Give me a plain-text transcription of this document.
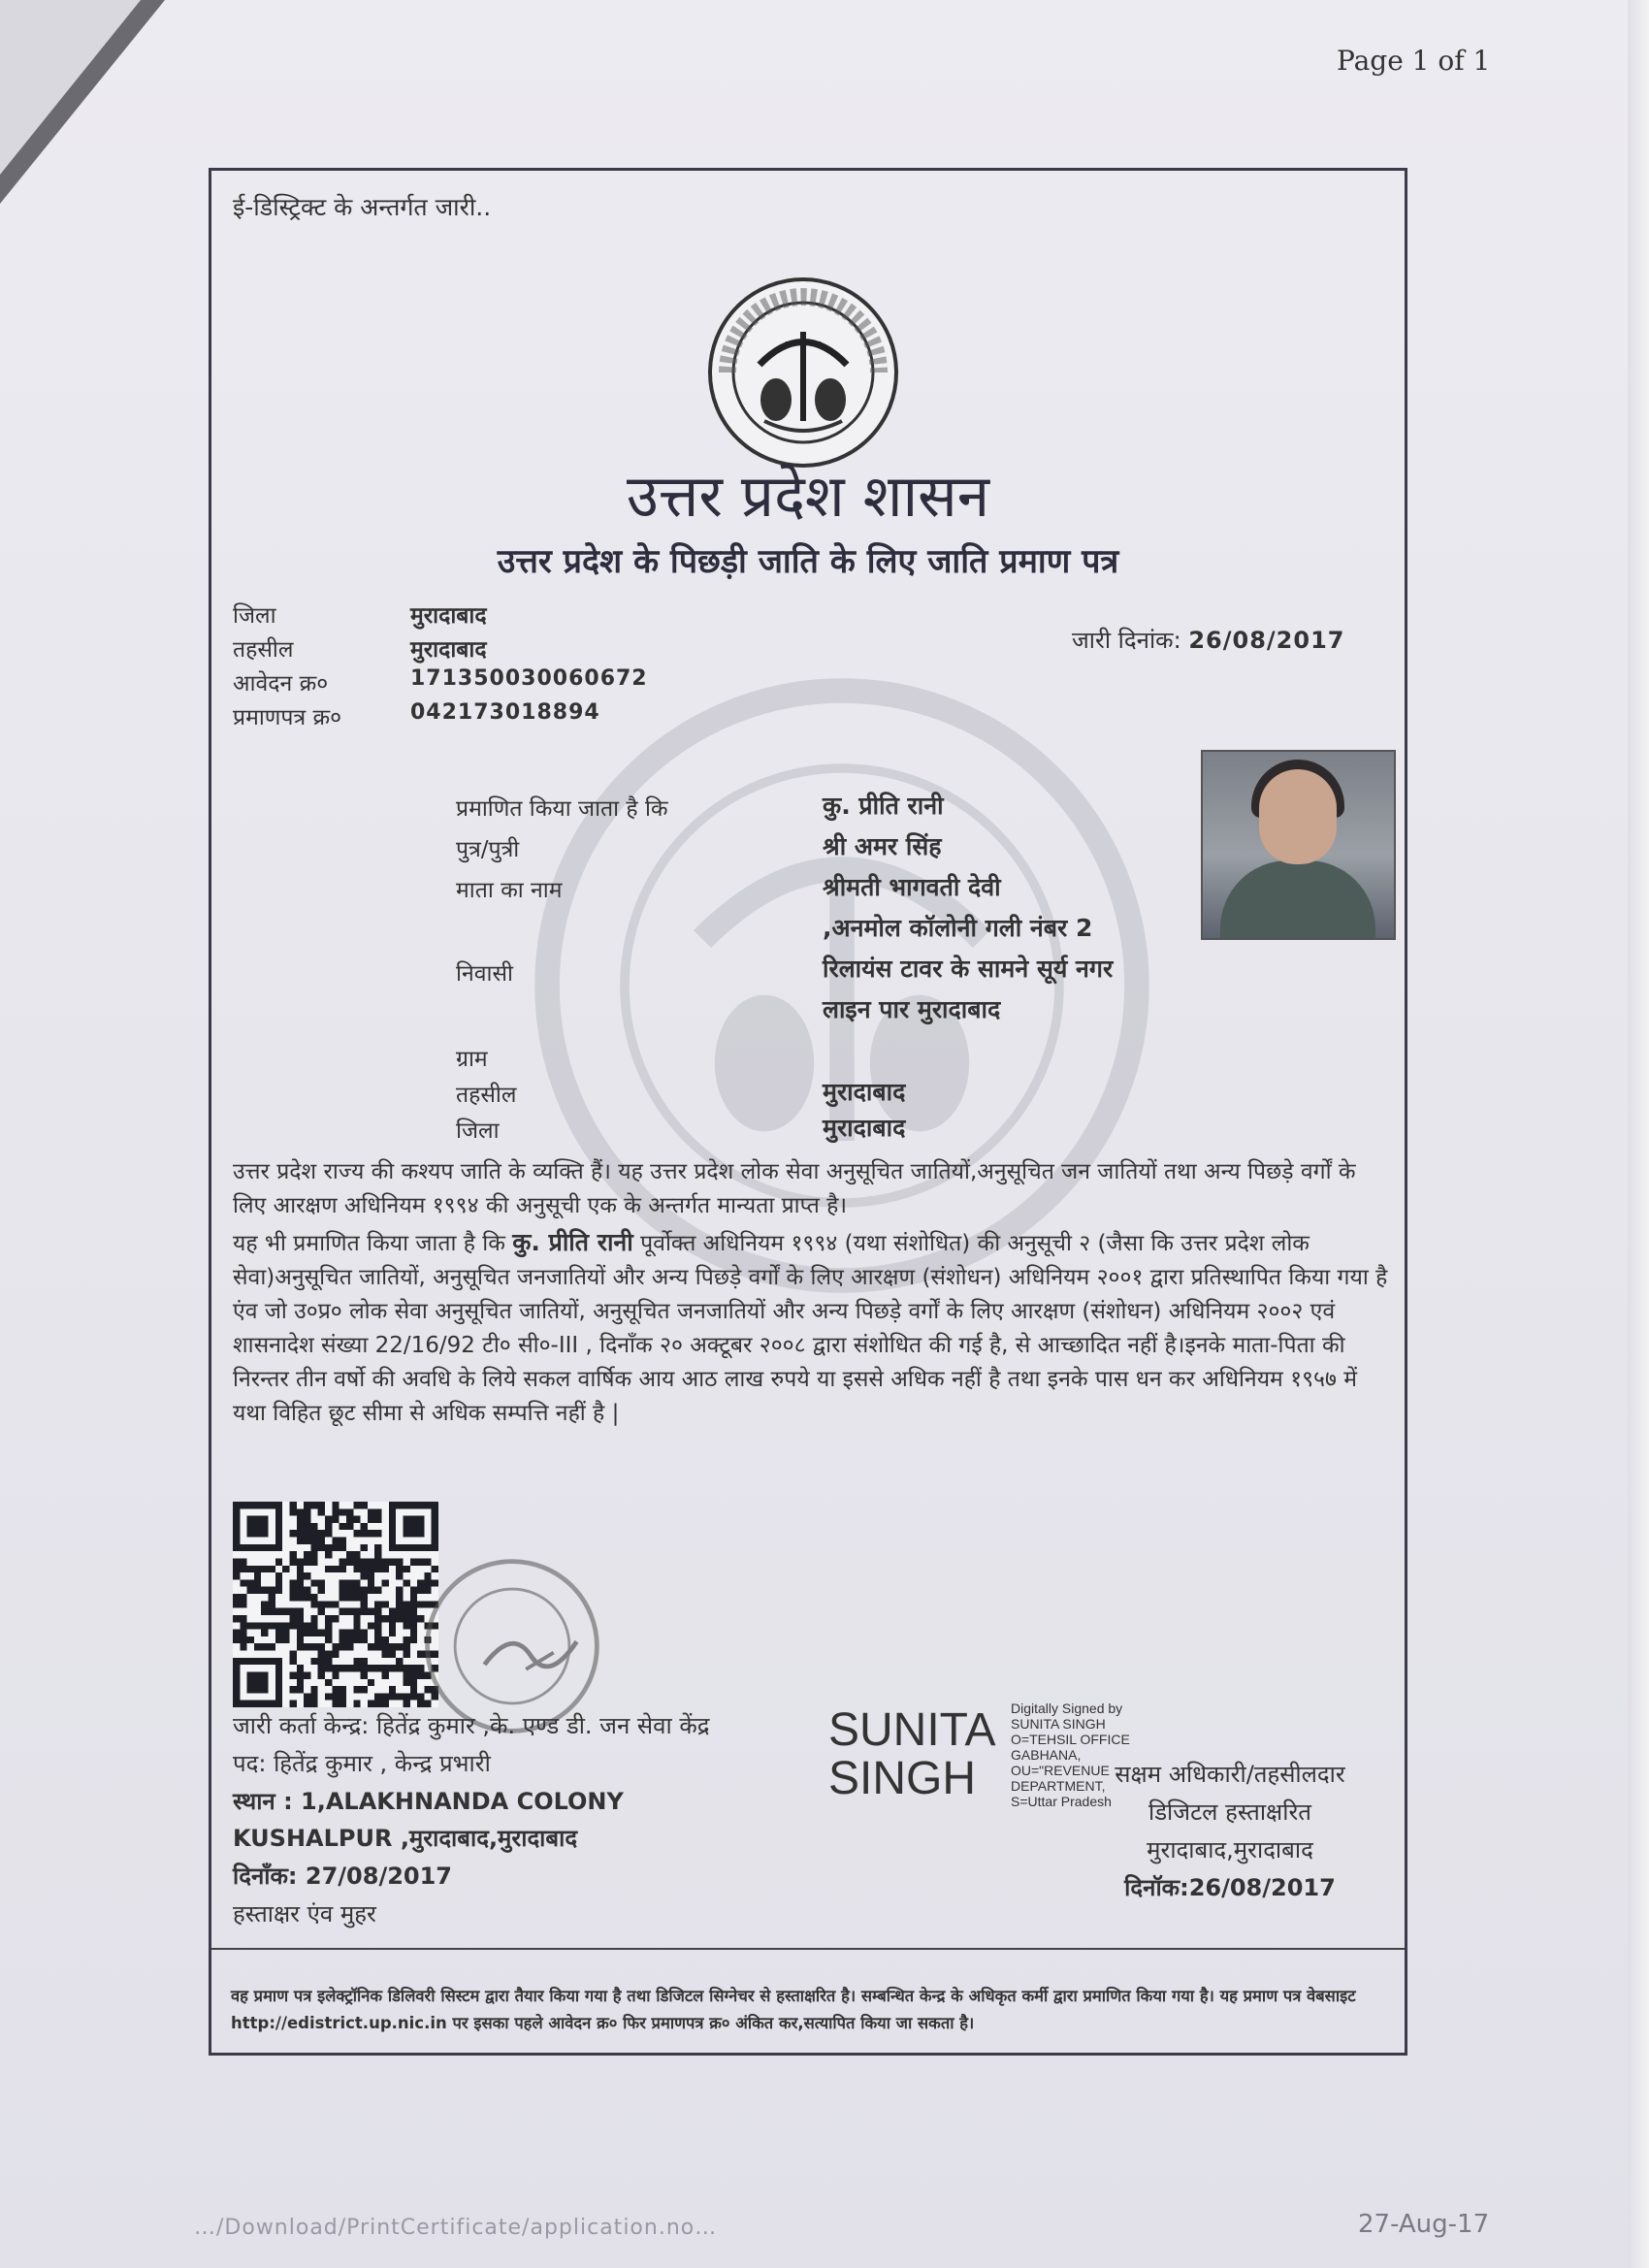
Page 1 of 1
ई-डिस्ट्रिक्ट के अन्तर्गत जारी..
उत्तर प्रदेश शासन
उत्तर प्रदेश के पिछड़ी जाति के लिए जाति प्रमाण पत्र
जिला	मुरादाबाद
तहसील	मुरादाबाद
आवेदन क्र०	171350030060672
प्रमाणपत्र क्र०	042173018894
जारी दिनांक: 26/08/2017
प्रमाणित किया जाता है कि	कु. प्रीति रानी
पुत्र/पुत्री	श्री अमर सिंह
माता का नाम	श्रीमती भागवती देवी
,अनमोल कॉलोनी गली नंबर 2
निवासी	रिलायंस टावर के सामने सूर्य नगर
लाइन पार मुरादाबाद
ग्राम
तहसील	मुरादाबाद
जिला	मुरादाबाद
उत्तर प्रदेश राज्य की कश्यप जाति के व्यक्ति हैं। यह उत्तर प्रदेश लोक सेवा अनुसूचित जातियों,अनुसूचित जन जातियों तथा अन्य पिछड़े वर्गों के लिए आरक्षण अधिनियम १९९४ की अनुसूची एक के अन्तर्गत मान्यता प्राप्त है।
यह भी प्रमाणित किया जाता है कि कु. प्रीति रानी पूर्वोक्त अधिनियम १९९४ (यथा संशोधित) की अनुसूची २ (जैसा कि उत्तर प्रदेश लोक सेवा)अनुसूचित जातियों, अनुसूचित जनजातियों और अन्य पिछड़े वर्गों के लिए आरक्षण (संशोधन) अधिनियम २००१ द्वारा प्रतिस्थापित किया गया है एंव जो उ०प्र० लोक सेवा अनुसूचित जातियों, अनुसूचित जनजातियों और अन्य पिछड़े वर्गों के लिए आरक्षण (संशोधन) अधिनियम २००२ एवं शासनादेश संख्या 22/16/92 टी० सी०-III , दिनाँक २० अक्टूबर २००८ द्वारा संशोधित की गई है, से आच्छादित नहीं है।इनके माता-पिता की निरन्तर तीन वर्षो की अवधि के लिये सकल वार्षिक आय आठ लाख रुपये या इससे अधिक नहीं है तथा इनके पास धन कर अधिनियम १९५७ में यथा विहित छूट सीमा से अधिक सम्पत्ति नहीं है |
जारी कर्ता केन्द्र: हितेंद्र कुमार ,के. एण्ड डी. जन सेवा केंद्र
पद: हितेंद्र कुमार , केन्द्र प्रभारी
स्थान : 1,ALAKHNANDA COLONY
KUSHALPUR ,मुरादाबाद,मुरादाबाद
दिनाँक: 27/08/2017
हस्ताक्षर एंव मुहर
SUNITA
SINGH
Digitally Signed by
SUNITA SINGH
O=TEHSIL OFFICE
GABHANA,
OU="REVENUE
DEPARTMENT,
S=Uttar Pradesh
सक्षम अधिकारी/तहसीलदार
डिजिटल हस्ताक्षरित
मुरादाबाद,मुरादाबाद
दिनॉक:26/08/2017
वह प्रमाण पत्र इलेक्ट्रॉनिक डिलिवरी सिस्टम द्वारा तैयार किया गया है तथा डिजिटल सिग्नेचर से हस्ताक्षरित है। सम्बन्धित केन्द्र के अधिकृत कर्मी द्वारा प्रमाणित किया गया है। यह प्रमाण पत्र वेबसाइट http://edistrict.up.nic.in पर इसका पहले आवेदन क्र० फिर प्रमाणपत्र क्र० अंकित कर,सत्यापित किया जा सकता है।
…/Download/PrintCertificate/application.no…	27-Aug-17
